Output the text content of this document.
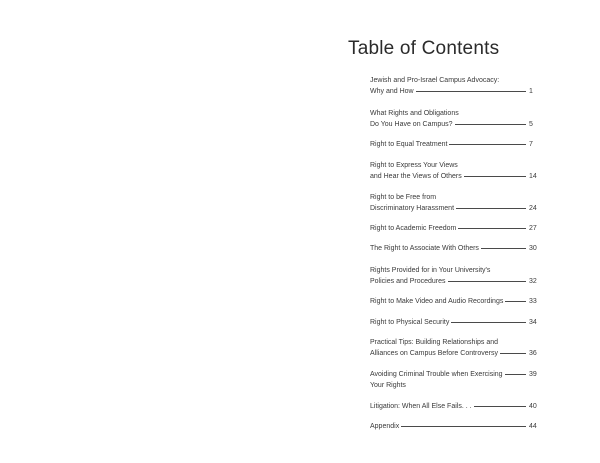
Table of Contents
Jewish and Pro-Israel Campus Advocacy:
Why and How	1
What Rights and Obligations
Do You Have on Campus?	5
Right to Equal Treatment	7
Right to Express Your Views
and Hear the Views of Others	14
Right to be Free from
Discriminatory Harassment	24
Right to Academic Freedom	27
The Right to Associate With Others	30
Rights Provided for in Your University's
Policies and Procedures	32
Right to Make Video and Audio Recordings	33
Right to Physical Security	34
Practical Tips: Building Relationships and
Alliances on Campus Before Controversy	36
Avoiding Criminal Trouble when Exercising	39
Your Rights
Litigation: When All Else Fails. . .	40
Appendix	44
